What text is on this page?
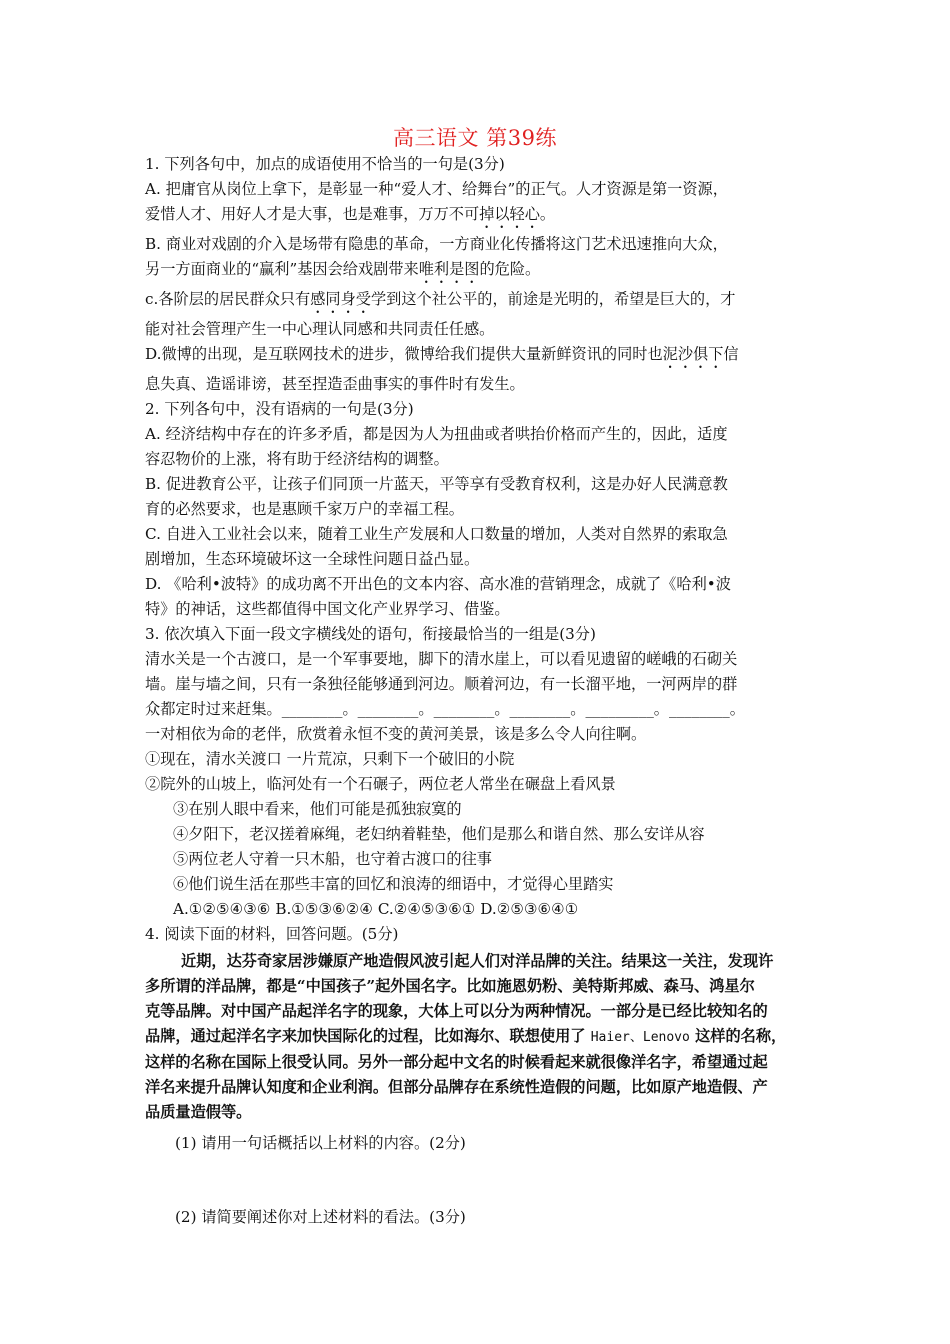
高三语文 第39练

1. 下列各句中，加点的成语使用不恰当的一句是(3分)

A. 把庸官从岗位上拿下，是彰显一种“爱人才、给舞台”的正气。人才资源是第一资源，
爱惜人才、用好人才是大事，也是难事，万万不可掉以轻心。

B. 商业对戏剧的介入是场带有隐患的革命，一方商业化传播将这门艺术迅速推向大众，
另一方面商业的“赢利”基因会给戏剧带来唯利是图的危险。

c.各阶层的居民群众只有感同身受学到这个社公平的，前途是光明的，希望是巨大的，才
能对社会管理产生一中心理认同感和共同责任任感。

D.微博的出现，是互联网技术的进步，微博给我们提供大量新鲜资讯的同时也泥沙俱下信
息失真、造谣诽谤，甚至捏造歪曲事实的事件时有发生。

2. 下列各句中，没有语病的一句是(3分)

A. 经济结构中存在的许多矛盾，都是因为人为扭曲或者哄抬价格而产生的，因此，适度
容忍物价的上涨，将有助于经济结构的调整。

B. 促进教育公平，让孩子们同顶一片蓝天，平等享有受教育权利，这是办好人民满意教
育的必然要求，也是惠顾千家万户的幸福工程。

C. 自进入工业社会以来，随着工业生产发展和人口数量的增加，人类对自然界的索取急
剧增加，生态环境破坏这一全球性问题日益凸显。

D. 《哈利•波特》的成功离不开出色的文本内容、高水准的营销理念，成就了《哈利•波
特》的神话，这些都值得中国文化产业界学习、借鉴。

3. 依次填入下面一段文字横线处的语句，衔接最恰当的一组是(3分)

清水关是一个古渡口，是一个军事要地，脚下的清水崖上，可以看见遗留的嵯峨的石砌关
墙。崖与墙之间，只有一条独径能够通到河边。顺着河边，有一长溜平地，一河两岸的群
众都定时过来赶集。________。________。________。________。_________。________。
一对相依为命的老伴，欣赏着永恒不变的黄河美景，该是多么令人向往啊。

①现在，清水关渡口 一片荒凉，只剩下一个破旧的小院

②院外的山坡上，临河处有一个石碾子，两位老人常坐在碾盘上看风景

③在别人眼中看来，他们可能是孤独寂寞的

④夕阳下，老汉搓着麻绳，老妇纳着鞋垫，他们是那么和谐自然、那么安详从容

⑤两位老人守着一只木船，也守着古渡口的往事

⑥他们说生活在那些丰富的回忆和浪涛的细语中，才觉得心里踏实

A.①②⑤④③⑥ B.①⑤③⑥②④ C.②④⑤③⑥① D.②⑤③⑥④①

4. 阅读下面的材料，回答问题。(5分)

近期，达芬奇家居涉嫌原产地造假风波引起人们对洋品牌的关注。结果这一关注，发现许

多所谓的洋品牌，都是“中国孩子”起外国名字。比如施恩奶粉、美特斯邦威、森马、鸿星尔

克等品牌。对中国产品起洋名字的现象，大体上可以分为两种情况。一部分是已经比较知名的

品牌，通过起洋名字来加快国际化的过程，比如海尔、联想使用了 Haier、Lenovo 这样的名称，

这样的名称在国际上很受认同。另外一部分起中文名的时候看起来就很像洋名字，希望通过起

洋名来提升品牌认知度和企业利润。但部分品牌存在系统性造假的问题，比如原产地造假、产

品质量造假等。

(1) 请用一句话概括以上材料的内容。(2分)

(2) 请简要阐述你对上述材料的看法。(3分)
